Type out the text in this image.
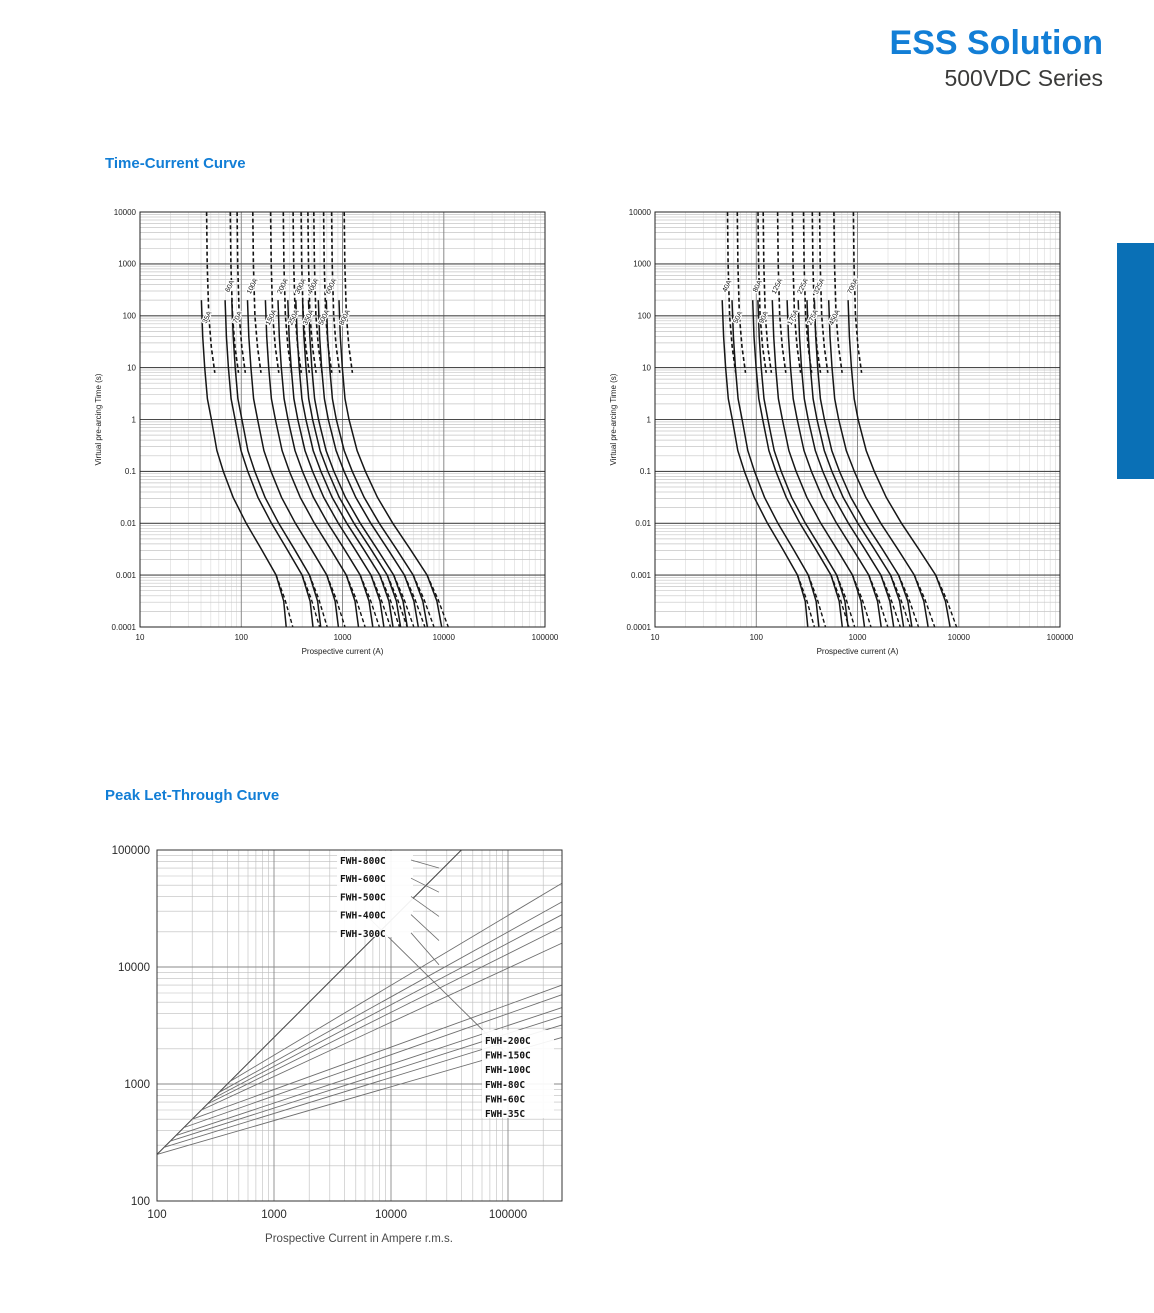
ESS Solution
500VDC Series
Time-Current Curve
35A
60A
70A
100A
150A
200A
250A
300A
350A
400A
500A
600A
800A
10000
1000
100
10
1
0.1
0.01
0.001
0.0001
10	100	1000	10000	100000
Prospective current (A)
Virtual pre-arcing Time (s)
40A
50A
80A
90A
125A
175A
225A
275A
325A
450A
700A
10000
1000
100
10
1
0.1
0.01
0.001
0.0001
10	100	1000	10000	100000
Prospective current (A)
Virtual pre-arcing Time (s)
Peak Let-Through Curve
FWH-800C
FWH-600C
FWH-500C
FWH-400C
FWH-300C
FWH-200C
FWH-150C
FWH-100C
FWH-80C
FWH-60C
FWH-35C
100000
10000
1000
100
100	1000	10000	100000
Prospective Current in Ampere r.m.s.
